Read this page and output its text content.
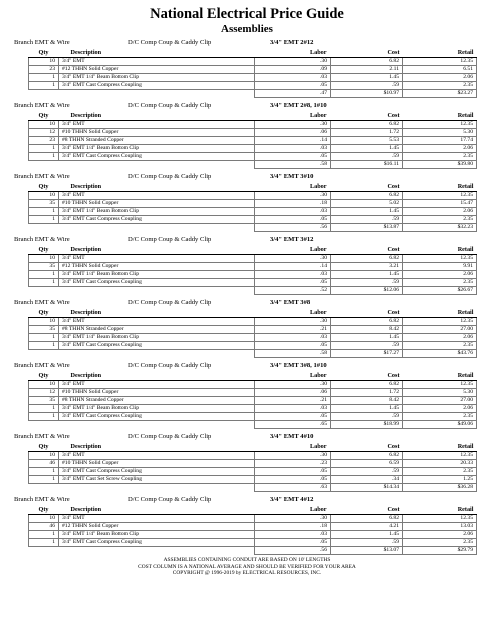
National Electrical Price Guide
Assemblies
Branch EMT & Wire	D/C Comp Coup & Caddy Clip	3/4" EMT 2#12
Qty	Description	Labor	Cost	Retail
10	3/4" EMT	.30	6.82	12.35
23	#12 THHN Solid Copper	.09	2.11	6.51
1	3/4" EMT 1/4" Beam Bottom Clip	.03	1.45	2.06
1	3/4" EMT Cast Compress Coupling	.05	.59	2.35
		.47	$10.97	$23.27
Branch EMT & Wire	D/C Comp Coup & Caddy Clip	3/4" EMT 2#8, 1#10
Qty	Description	Labor	Cost	Retail
10	3/4" EMT	.30	6.82	12.35
12	#10 THHN Solid Copper	.06	1.72	5.30
23	#8 THHN Stranded Copper	.14	5.53	17.74
1	3/4" EMT 1/4" Beam Bottom Clip	.03	1.45	2.06
1	3/4" EMT Cast Compress Coupling	.05	.59	2.35
		.58	$16.11	$39.80
Branch EMT & Wire	D/C Comp Coup & Caddy Clip	3/4" EMT 3#10
Qty	Description	Labor	Cost	Retail
10	3/4" EMT	.30	6.82	12.35
35	#10 THHN Solid Copper	.18	5.02	15.47
1	3/4" EMT 1/4" Beam Bottom Clip	.03	1.45	2.06
1	3/4" EMT Cast Compress Coupling	.05	.59	2.35
		.56	$13.87	$32.23
Branch EMT & Wire	D/C Comp Coup & Caddy Clip	3/4" EMT 3#12
Qty	Description	Labor	Cost	Retail
10	3/4" EMT	.30	6.82	12.35
35	#12 THHN Solid Copper	.14	3.21	9.91
1	3/4" EMT 1/4" Beam Bottom Clip	.03	1.45	2.06
1	3/4" EMT Cast Compress Coupling	.05	.59	2.35
		.52	$12.06	$26.67
Branch EMT & Wire	D/C Comp Coup & Caddy Clip	3/4" EMT 3#8
Qty	Description	Labor	Cost	Retail
10	3/4" EMT	.30	6.82	12.35
35	#8 THHN Stranded Copper	.21	8.42	27.00
1	3/4" EMT 1/4" Beam Bottom Clip	.03	1.45	2.06
1	3/4" EMT Cast Compress Coupling	.05	.59	2.35
		.58	$17.27	$43.76
Branch EMT & Wire	D/C Comp Coup & Caddy Clip	3/4" EMT 3#8, 1#10
Qty	Description	Labor	Cost	Retail
10	3/4" EMT	.30	6.82	12.35
12	#10 THHN Solid Copper	.06	1.72	5.30
35	#8 THHN Stranded Copper	.21	8.42	27.00
1	3/4" EMT 1/4" Beam Bottom Clip	.03	1.45	2.06
1	3/4" EMT Cast Compress Coupling	.05	.59	2.35
		.65	$18.99	$49.06
Branch EMT & Wire	D/C Comp Coup & Caddy Clip	3/4" EMT 4#10
Qty	Description	Labor	Cost	Retail
10	3/4" EMT	.30	6.82	12.35
46	#10 THHN Solid Copper	.23	6.59	20.33
1	3/4" EMT Cast Compress Coupling	.05	.59	2.35
1	3/4" EMT Cast Set Screw Coupling	.05	.34	1.25
		.63	$14.34	$36.28
Branch EMT & Wire	D/C Comp Coup & Caddy Clip	3/4" EMT 4#12
Qty	Description	Labor	Cost	Retail
10	3/4" EMT	.30	6.82	12.35
46	#12 THHN Solid Copper	.18	4.21	13.03
1	3/4" EMT 1/4" Beam Bottom Clip	.03	1.45	2.06
1	3/4" EMT Cast Compress Coupling	.05	.59	2.35
		.56	$13.07	$29.79
ASSEMBLIES CONTAINING CONDUIT ARE BASED ON 10' LENGTHS
COST COLUMN IS A NATIONAL AVERAGE AND SHOULD BE VERIFIED FOR YOUR AREA
COPYRIGHT @ 1996-2019 by ELECTRICAL RESOURCES, INC.
